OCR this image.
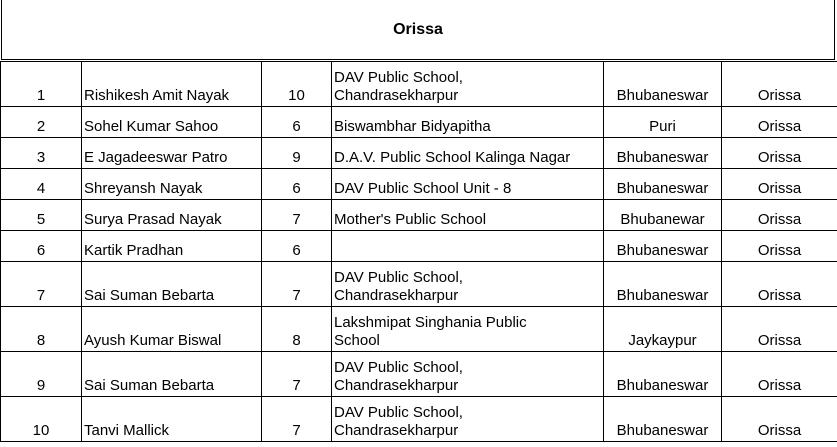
Orissa
1	Rishikesh Amit Nayak	10	DAV Public School,
Chandrasekharpur	Bhubaneswar	Orissa
2	Sohel Kumar Sahoo	6	Biswambhar Bidyapitha	Puri	Orissa
3	E Jagadeeswar Patro	9	D.A.V. Public School Kalinga Nagar	Bhubaneswar	Orissa
4	Shreyansh Nayak	6	DAV Public School Unit - 8	Bhubaneswar	Orissa
5	Surya Prasad Nayak	7	Mother's Public School	Bhubanewar	Orissa
6	Kartik Pradhan	6		Bhubaneswar	Orissa
7	Sai Suman Bebarta	7	DAV Public School,
Chandrasekharpur	Bhubaneswar	Orissa
8	Ayush Kumar Biswal	8	Lakshmipat Singhania Public
School	Jaykaypur	Orissa
9	Sai Suman Bebarta	7	DAV Public School,
Chandrasekharpur	Bhubaneswar	Orissa
10	Tanvi Mallick	7	DAV Public School,
Chandrasekharpur	Bhubaneswar	Orissa
